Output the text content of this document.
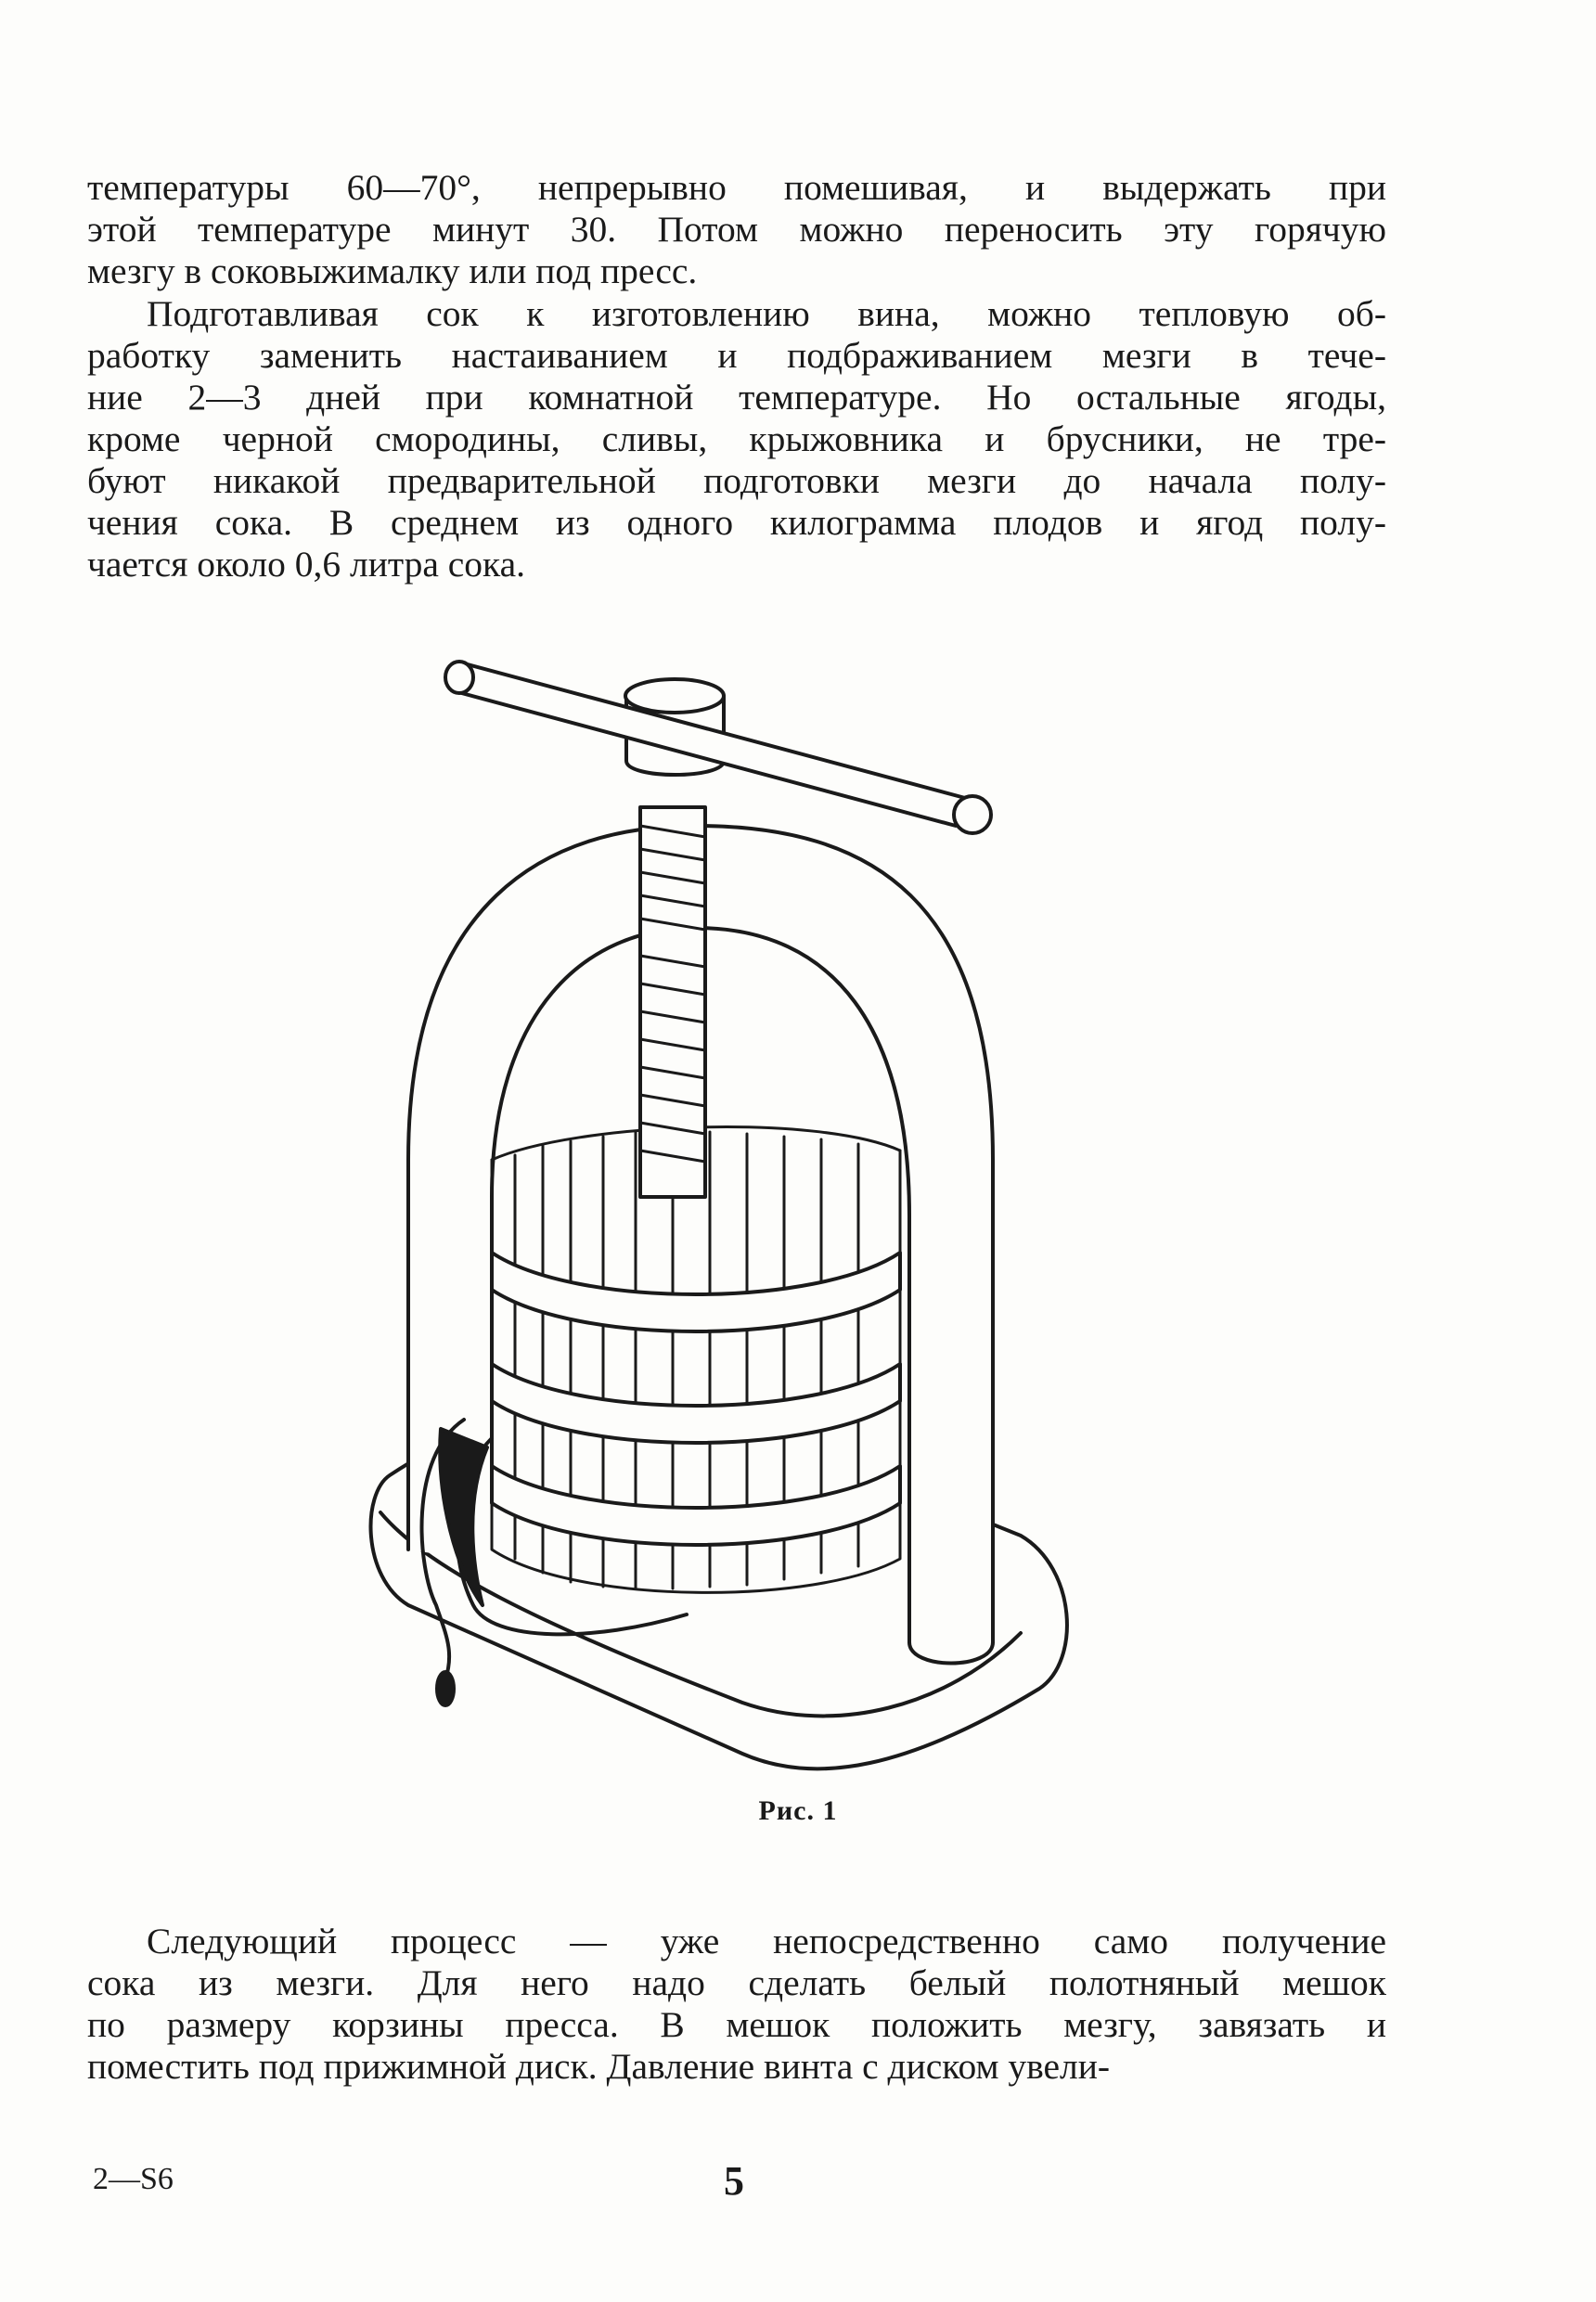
температуры 60—70°, непрерывно помешивая, и выдержать при
этой температуре минут 30. Потом можно переносить эту горячую
мезгу в соковыжималку или под пресс.
Подготавливая сок к изготовлению вина, можно тепловую об-
работку заменить настаиванием и подбраживанием мезги в тече-
ние 2—3 дней при комнатной температуре. Но остальные ягоды,
кроме черной смородины, сливы, крыжовника и брусники, не тре-
буют никакой предварительной подготовки мезги до начала полу-
чения сока. В среднем из одного килограмма плодов и ягод полу-
чается около 0,6 литра сока.
Рис. 1
Следующий процесс — уже непосредственно само получение
сока из мезги. Для него надо сделать белый полотняный мешок
по размеру корзины пресса. В мешок положить мезгу, завязать и
поместить под прижимной диск. Давление винта с диском увели-
2—S6	5
